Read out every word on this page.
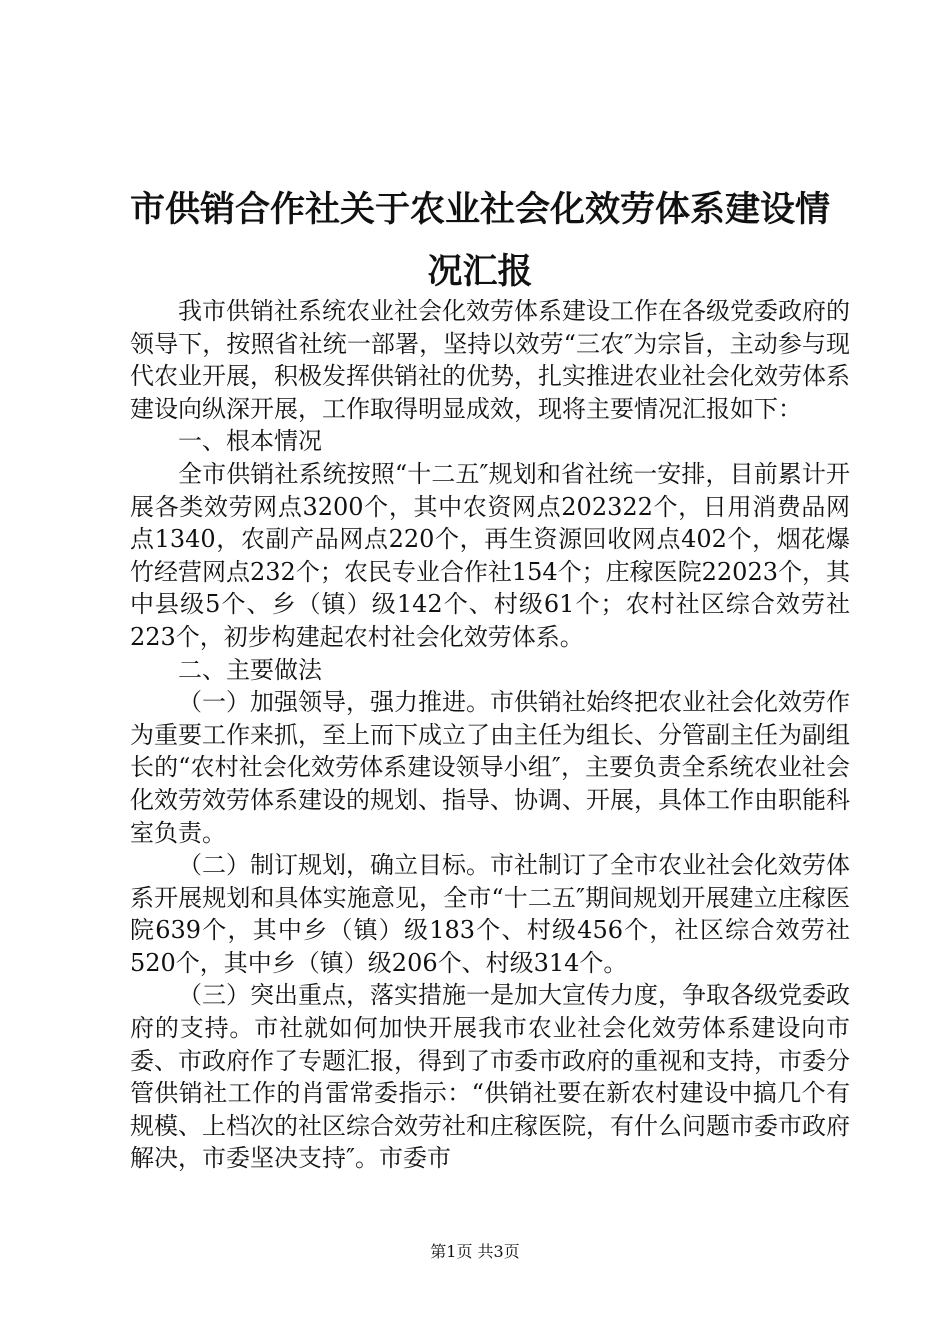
市供销合作社关于农业社会化效劳体系建设情
况汇报

我市供销社系统农业社会化效劳体系建设工作在各级党委政府的领导下，按照省社统一部署，坚持以效劳“三农″为宗旨，主动参与现代农业开展，积极发挥供销社的优势，扎实推进农业社会化效劳体系建设向纵深开展，工作取得明显成效，现将主要情况汇报如下：

一、根本情况

全市供销社系统按照“十二五″规划和省社统一安排，目前累计开展各类效劳网点3200个，其中农资网点202322个，日用消费品网点1340，农副产品网点220个，再生资源回收网点402个，烟花爆竹经营网点232个；农民专业合作社154个；庄稼医院22023个，其中县级5个、乡（镇）级142个、村级61个；农村社区综合效劳社223个，初步构建起农村社会化效劳体系。

二、主要做法

（一）加强领导，强力推进。市供销社始终把农业社会化效劳作为重要工作来抓，至上而下成立了由主任为组长、分管副主任为副组长的“农村社会化效劳体系建设领导小组″，主要负责全系统农业社会化效劳效劳体系建设的规划、指导、协调、开展，具体工作由职能科室负责。

（二）制订规划，确立目标。市社制订了全市农业社会化效劳体系开展规划和具体实施意见，全市“十二五″期间规划开展建立庄稼医院639个，其中乡（镇）级183个、村级456个，社区综合效劳社520个，其中乡（镇）级206个、村级314个。

（三）突出重点，落实措施一是加大宣传力度，争取各级党委政府的支持。市社就如何加快开展我市农业社会化效劳体系建设向市委、市政府作了专题汇报，得到了市委市政府的重视和支持，市委分管供销社工作的肖雷常委指示：“供销社要在新农村建设中搞几个有规模、上档次的社区综合效劳社和庄稼医院，有什么问题市委市政府解决，市委坚决支持″。市委市

第1页 共3页
